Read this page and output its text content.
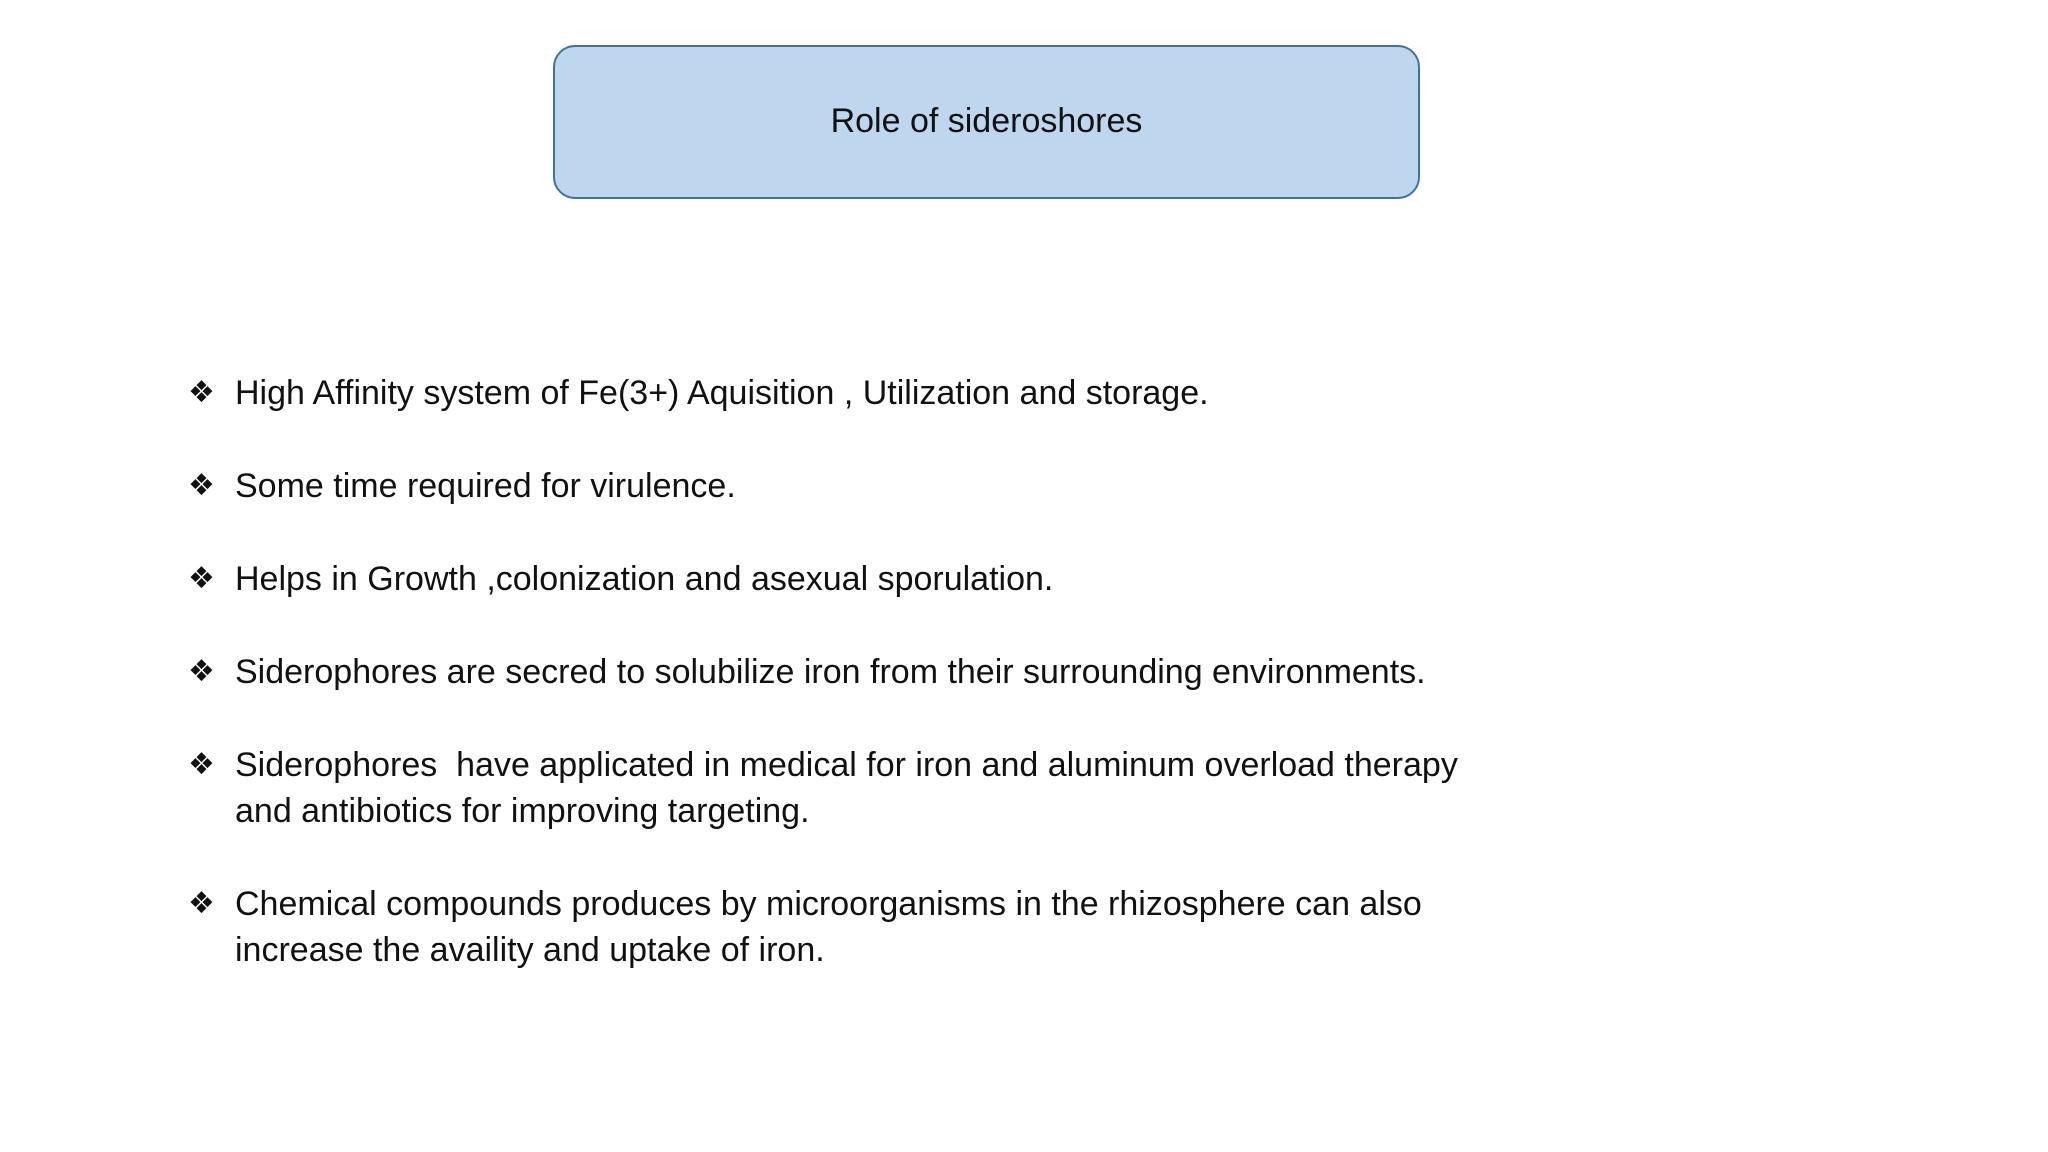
Role of sideroshores
❖ High Affinity system of Fe(3+) Aquisition , Utilization and storage.
❖ Some time required for virulence.
❖ Helps in Growth ,colonization and asexual sporulation.
❖ Siderophores are secred to solubilize iron from their surrounding environments.
❖ Siderophores  have applicated in medical for iron and aluminum overload therapy
and antibiotics for improving targeting.
❖ Chemical compounds produces by microorganisms in the rhizosphere can also
increase the availity and uptake of iron.
